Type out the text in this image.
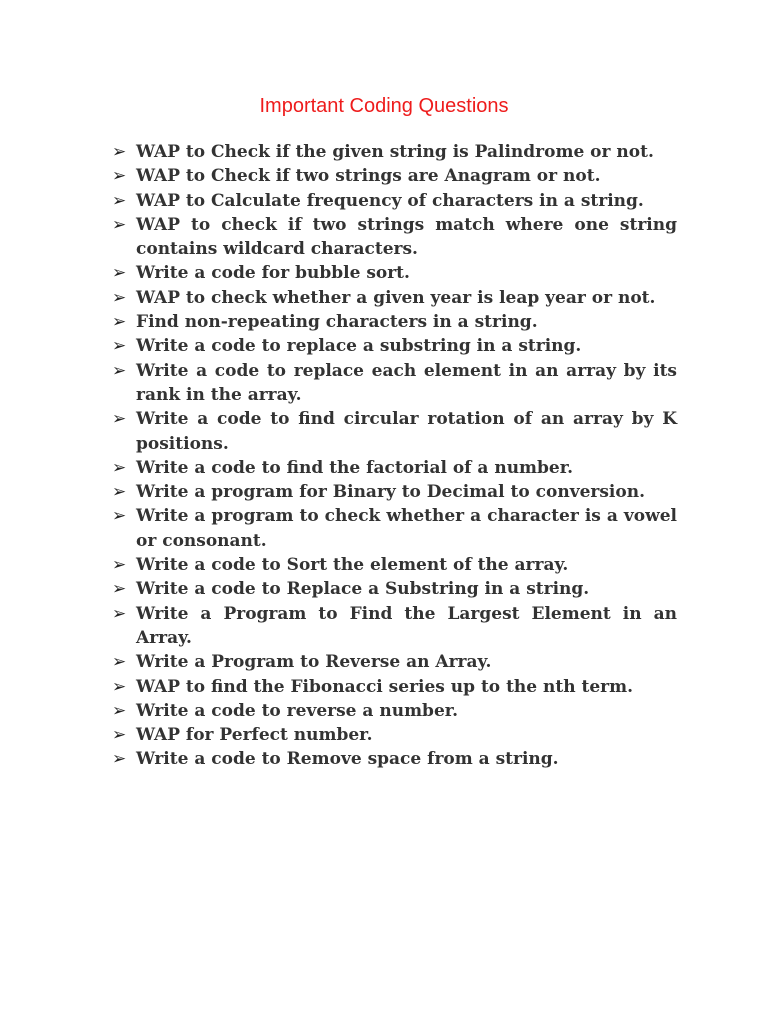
Important Coding Questions
➢ WAP to Check if the given string is Palindrome or not.
➢ WAP to Check if two strings are Anagram or not.
➢ WAP to Calculate frequency of characters in a string.
➢ WAP to check if two strings match where one string contains wildcard characters.
➢ Write a code for bubble sort.
➢ WAP to check whether a given year is leap year or not.
➢ Find non-repeating characters in a string.
➢ Write a code to replace a substring in a string.
➢ Write a code to replace each element in an array by its rank in the array.
➢ Write a code to find circular rotation of an array by K positions.
➢ Write a code to find the factorial of a number.
➢ Write a program for Binary to Decimal to conversion.
➢ Write a program to check whether a character is a vowel or consonant.
➢ Write a code to Sort the element of the array.
➢ Write a code to Replace a Substring in a string.
➢ Write a Program to Find the Largest Element in an Array.
➢ Write a Program to Reverse an Array.
➢ WAP to find the Fibonacci series up to the nth term.
➢ Write a code to reverse a number.
➢ WAP for Perfect number.
➢ Write a code to Remove space from a string.
